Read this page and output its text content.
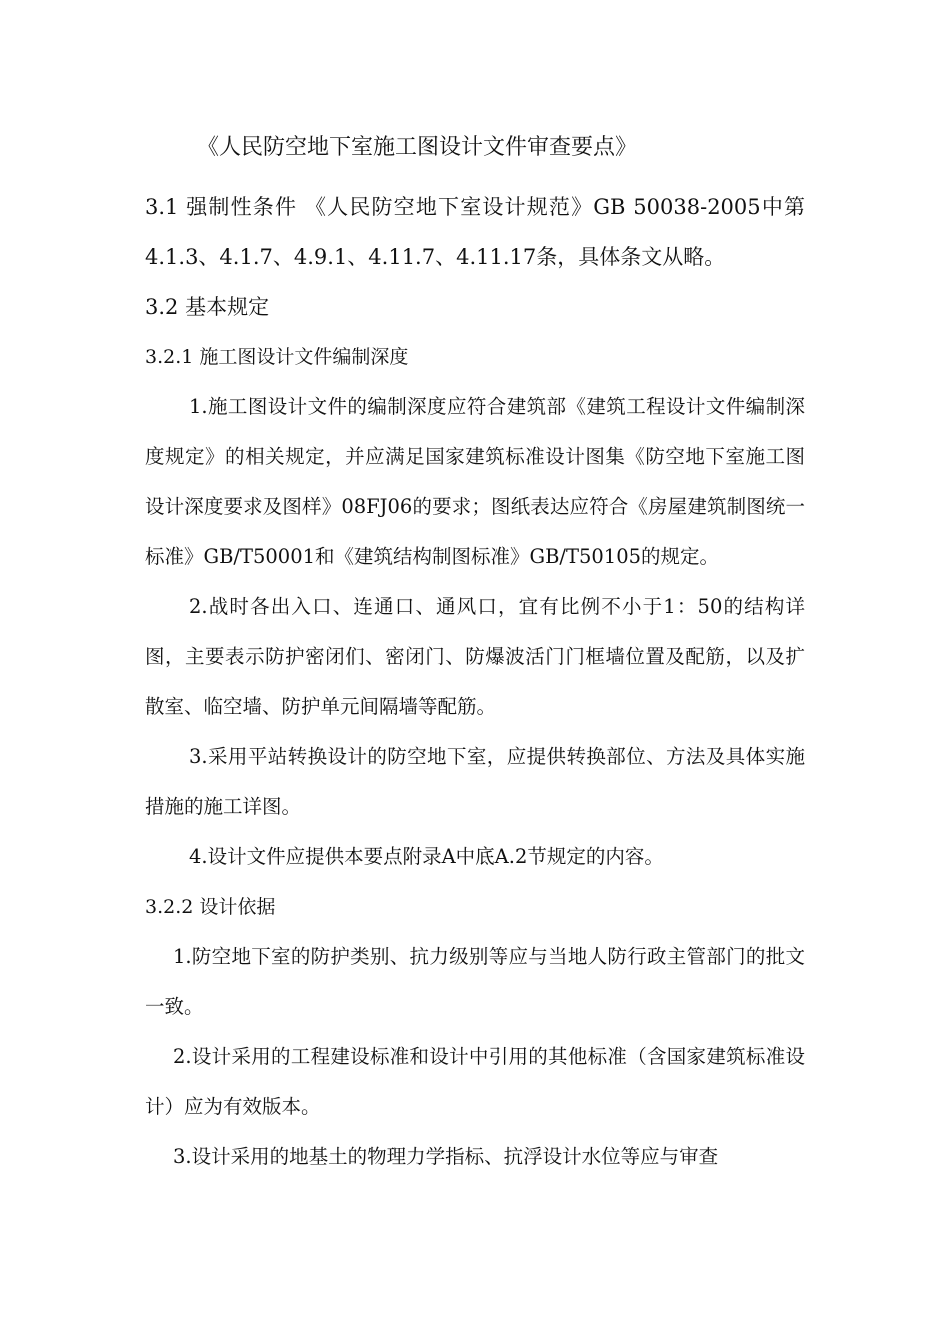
《人民防空地下室施工图设计文件审查要点》

3.1 强制性条件 《人民防空地下室设计规范》GB 50038-2005中第4.1.3、4.1.7、4.9.1、4.11.7、4.11.17条，具体条文从略。

3.2 基本规定
3.2.1 施工图设计文件编制深度

1.施工图设计文件的编制深度应符合建筑部《建筑工程设计文件编制深度规定》的相关规定，并应满足国家建筑标准设计图集《防空地下室施工图设计深度要求及图样》08FJ06的要求；图纸表达应符合《房屋建筑制图统一标准》GB/T50001和《建筑结构制图标准》GB/T50105的规定。

2.战时各出入口、连通口、通风口，宜有比例不小于1：50的结构详图，主要表示防护密闭们、密闭门、防爆波活门门框墙位置及配筋，以及扩散室、临空墙、防护单元间隔墙等配筋。

3.采用平站转换设计的防空地下室，应提供转换部位、方法及具体实施措施的施工详图。

4.设计文件应提供本要点附录A中底A.2节规定的内容。

3.2.2 设计依据

1.防空地下室的防护类别、抗力级别等应与当地人防行政主管部门的批文一致。

2.设计采用的工程建设标准和设计中引用的其他标准（含国家建筑标准设计）应为有效版本。

3.设计采用的地基土的物理力学指标、抗浮设计水位等应与审查
